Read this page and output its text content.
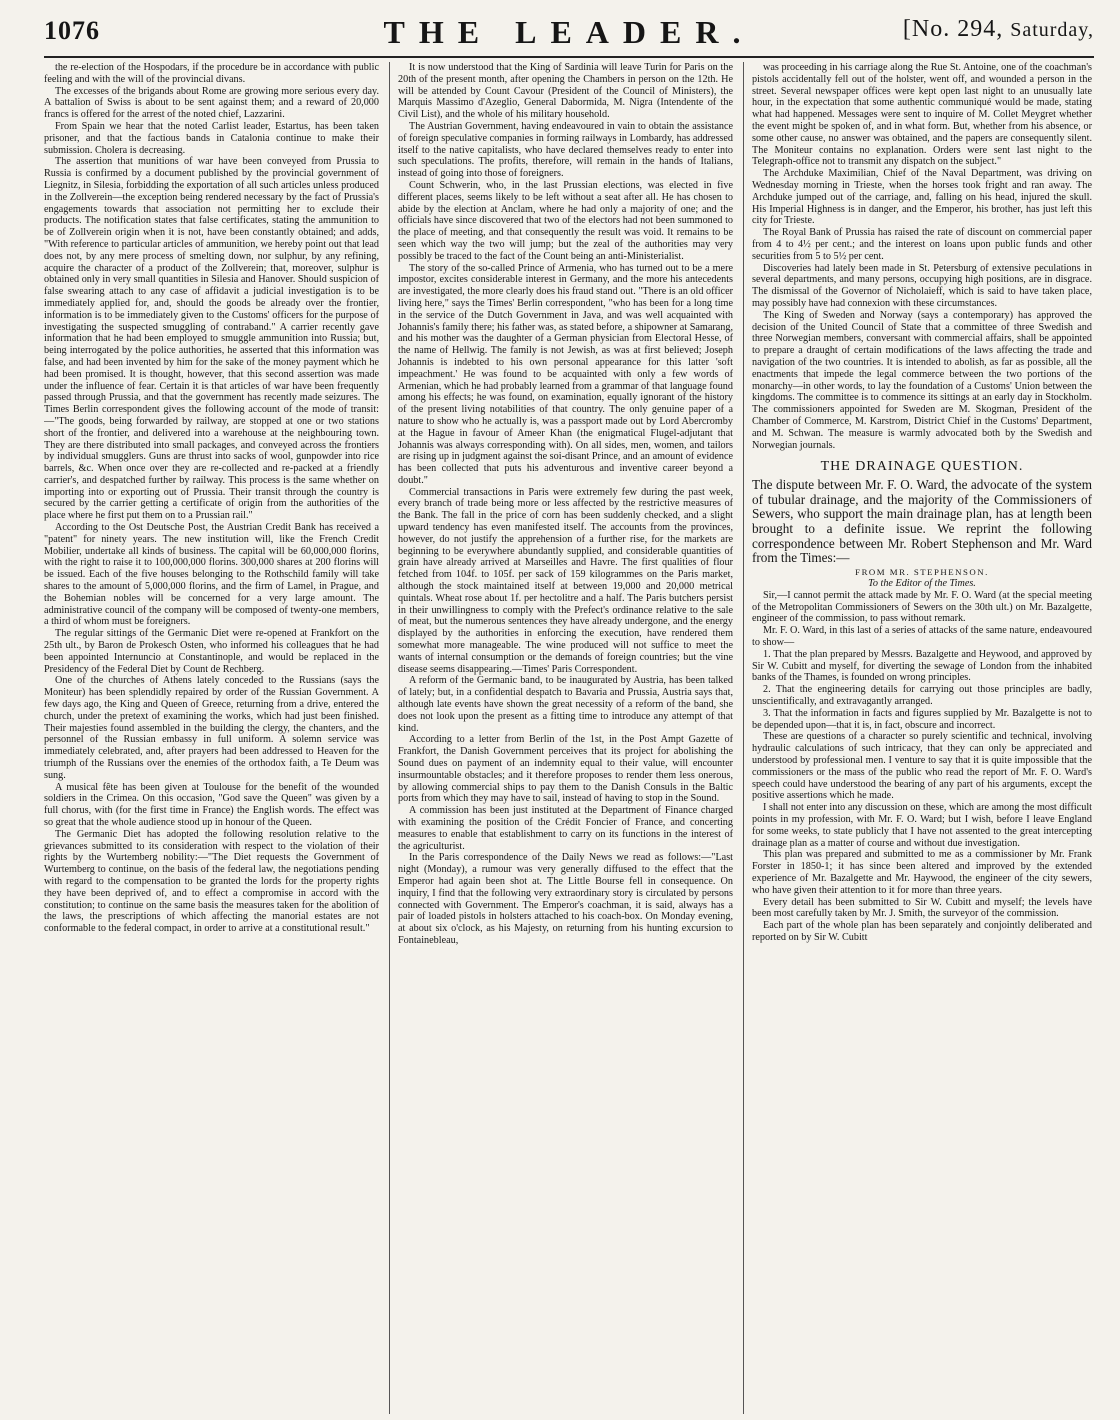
1076	THE LEADER.	[No. 294, Saturday,

the re-election of the Hospodars, if the procedure be in accordance with public feeling and with the will of the provincial divans.

The excesses of the brigands about Rome are growing more serious every day. A battalion of Swiss is about to be sent against them; and a reward of 20,000 francs is offered for the arrest of the noted chief, Lazzarini.

From Spain we hear that the noted Carlist leader, Estartus, has been taken prisoner, and that the factious bands in Catalonia continue to make their submission. Cholera is decreasing.

The assertion that munitions of war have been conveyed from Prussia to Russia is confirmed by a document published by the provincial government of Liegnitz, in Silesia, forbidding the exportation of all such articles unless produced in the Zollverein—the exception being rendered necessary by the fact of Prussia's engagements towards that association not permitting her to exclude their products. The notification states that false certificates, stating the ammunition to be of Zollverein origin when it is not, have been constantly obtained; and adds, "With reference to particular articles of ammunition, we hereby point out that lead does not, by any mere process of smelting down, nor sulphur, by any refining, acquire the character of a product of the Zollverein; that, moreover, sulphur is obtained only in very small quantities in Silesia and Hanover. Should suspicion of false swearing attach to any case of affidavit a judicial investigation is to be immediately applied for, and, should the goods be already over the frontier, information is to be immediately given to the Customs' officers for the purpose of investigating the suspected smuggling of contraband." A carrier recently gave information that he had been employed to smuggle ammunition into Russia; but, being interrogated by the police authorities, he asserted that this information was false, and had been invented by him for the sake of the money payment which he had been promised. It is thought, however, that this second assertion was made under the influence of fear. Certain it is that articles of war have been frequently passed through Prussia, and that the government has recently made seizures. The Times Berlin correspondent gives the following account of the mode of transit:—"The goods, being forwarded by railway, are stopped at one or two stations short of the frontier, and delivered into a warehouse at the neighbouring town. They are there distributed into small packages, and conveyed across the frontiers by individual smugglers. Guns are thrust into sacks of wool, gunpowder into rice barrels, &c. When once over they are re-collected and re-packed at a friendly carrier's, and despatched further by railway. This process is the same whether on importing into or exporting out of Prussia. Their transit through the country is secured by the carrier getting a certificate of origin from the authorities of the place where he first put them on to a Prussian rail."

According to the Ost Deutsche Post, the Austrian Credit Bank has received a "patent" for ninety years. The new institution will, like the French Credit Mobilier, undertake all kinds of business. The capital will be 60,000,000 florins, with the right to raise it to 100,000,000 florins. 300,000 shares at 200 florins will be issued. Each of the five houses belonging to the Rothschild family will take shares to the amount of 5,000,000 florins, and the firm of Lamel, in Prague, and the Bohemian nobles will be concerned for a very large amount. The administrative council of the company will be composed of twenty-one members, a third of whom must be foreigners.

The regular sittings of the Germanic Diet were re-opened at Frankfort on the 25th ult., by Baron de Prokesch Osten, who informed his colleagues that he had been appointed Internuncio at Constantinople, and would be replaced in the Presidency of the Federal Diet by Count de Rechberg.

One of the churches of Athens lately conceded to the Russians (says the Moniteur) has been splendidly repaired by order of the Russian Government. A few days ago, the King and Queen of Greece, returning from a drive, entered the church, under the pretext of examining the works, which had just been finished. Their majesties found assembled in the building the clergy, the chanters, and the personnel of the Russian embassy in full uniform. A solemn service was immediately celebrated, and, after prayers had been addressed to Heaven for the triumph of the Russians over the enemies of the orthodox faith, a Te Deum was sung.

A musical fête has been given at Toulouse for the benefit of the wounded soldiers in the Crimea. On this occasion, "God save the Queen" was given by a full chorus, with (for the first time in France) the English words. The effect was so great that the whole audience stood up in honour of the Queen.

The Germanic Diet has adopted the following resolution relative to the grievances submitted to its consideration with respect to the violation of their rights by the Wurtemberg nobility:—"The Diet requests the Government of Wurtemberg to continue, on the basis of the federal law, the negotiations pending with regard to the compensation to be granted the lords for the property rights they have been deprived of, and to effect a compromise in accord with the constitution; to continue on the same basis the measures taken for the abolition of the laws, the prescriptions of which affecting the manorial estates are not conformable to the federal compact, in order to arrive at a constitutional result."

It is now understood that the King of Sardinia will leave Turin for Paris on the 20th of the present month, after opening the Chambers in person on the 12th. He will be attended by Count Cavour (President of the Council of Ministers), the Marquis Massimo d'Azeglio, General Dabormida, M. Nigra (Intendente of the Civil List), and the whole of his military household.

The Austrian Government, having endeavoured in vain to obtain the assistance of foreign speculative companies in forming railways in Lombardy, has addressed itself to the native capitalists, who have declared themselves ready to enter into such speculations. The profits, therefore, will remain in the hands of Italians, instead of going into those of foreigners.

Count Schwerin, who, in the last Prussian elections, was elected in five different places, seems likely to be left without a seat after all. He has chosen to abide by the election at Anclam, where he had only a majority of one; and the officials have since discovered that two of the electors had not been summoned to the place of meeting, and that consequently the result was void. It remains to be seen which way the two will jump; but the zeal of the authorities may very possibly be traced to the fact of the Count being an anti-Ministerialist.

The story of the so-called Prince of Armenia, who has turned out to be a mere impostor, excites considerable interest in Germany, and the more his antecedents are investigated, the more clearly does his fraud stand out. "There is an old officer living here," says the Times' Berlin correspondent, "who has been for a long time in the service of the Dutch Government in Java, and was well acquainted with Johannis's family there; his father was, as stated before, a shipowner at Samarang, and his mother was the daughter of a German physician from Electoral Hesse, of the name of Hellwig. The family is not Jewish, as was at first believed; Joseph Johannis is indebted to his own personal appearance for this latter 'soft impeachment.' He was found to be acquainted with only a few words of Armenian, which he had probably learned from a grammar of that language found among his effects; he was found, on examination, equally ignorant of the history of the present living notabilities of that country. The only genuine paper of a nature to show who he actually is, was a passport made out by Lord Abercromby at the Hague in favour of Ameer Khan (the enigmatical Flugel-adjutant that Johannis was always corresponding with). On all sides, men, women, and tailors are rising up in judgment against the soi-disant Prince, and an amount of evidence has been collected that puts his adventurous and inventive career beyond a doubt."

Commercial transactions in Paris were extremely few during the past week, every branch of trade being more or less affected by the restrictive measures of the Bank. The fall in the price of corn has been suddenly checked, and a slight upward tendency has even manifested itself. The accounts from the provinces, however, do not justify the apprehension of a further rise, for the markets are beginning to be everywhere abundantly supplied, and considerable quantities of grain have already arrived at Marseilles and Havre. The first qualities of flour fetched from 104f. to 105f. per sack of 159 kilogrammes on the Paris market, although the stock maintained itself at between 19,000 and 20,000 metrical quintals. Wheat rose about 1f. per hectolitre and a half. The Paris butchers persist in their unwillingness to comply with the Prefect's ordinance relative to the sale of meat, but the numerous sentences they have already undergone, and the energy displayed by the authorities in enforcing the execution, have rendered them somewhat more manageable. The wine produced will not suffice to meet the wants of internal consumption or the demands of foreign countries; but the vine disease seems disappearing.—Times' Paris Correspondent.

A reform of the Germanic band, to be inaugurated by Austria, has been talked of lately; but, in a confidential despatch to Bavaria and Prussia, Austria says that, although late events have shown the great necessity of a reform of the band, she does not look upon the present as a fitting time to introduce any attempt of that kind.

According to a letter from Berlin of the 1st, in the Post Ampt Gazette of Frankfort, the Danish Government perceives that its project for abolishing the Sound dues on payment of an indemnity equal to their value, will encounter insurmountable obstacles; and it therefore proposes to render them less onerous, by allowing commercial ships to pay them to the Danish Consuls in the Baltic ports from which they may have to sail, instead of having to stop in the Sound.

A commission has been just instituted at the Department of Finance charged with examining the position of the Crédit Foncier of France, and concerting measures to enable that establishment to carry on its functions in the interest of the agriculturist.

In the Paris correspondence of the Daily News we read as follows:—"Last night (Monday), a rumour was very generally diffused to the effect that the Emperor had again been shot at. The Little Bourse fell in consequence. On inquiry, I find that the following very extraordinary story is circulated by persons connected with Government. The Emperor's coachman, it is said, always has a pair of loaded pistols in holsters attached to his coach-box. On Monday evening, at about six o'clock, as his Majesty, on returning from his hunting excursion to Fontainebleau,

was proceeding in his carriage along the Rue St. Antoine, one of the coachman's pistols accidentally fell out of the holster, went off, and wounded a person in the street. Several newspaper offices were kept open last night to an unusually late hour, in the expectation that some authentic communiqué would be made, stating what had happened. Messages were sent to inquire of M. Collet Meygret whether the event might be spoken of, and in what form. But, whether from his absence, or some other cause, no answer was obtained, and the papers are consequently silent. The Moniteur contains no explanation. Orders were sent last night to the Telegraph-office not to transmit any dispatch on the subject."

The Archduke Maximilian, Chief of the Naval Department, was driving on Wednesday morning in Trieste, when the horses took fright and ran away. The Archduke jumped out of the carriage, and, falling on his head, injured the skull. His Imperial Highness is in danger, and the Emperor, his brother, has just left this city for Trieste.

The Royal Bank of Prussia has raised the rate of discount on commercial paper from 4 to 4½ per cent.; and the interest on loans upon public funds and other securities from 5 to 5½ per cent.

Discoveries had lately been made in St. Petersburg of extensive peculations in several departments, and many persons, occupying high positions, are in disgrace. The dismissal of the Governor of Nicholaieff, which is said to have taken place, may possibly have had connexion with these circumstances.

The King of Sweden and Norway (says a contemporary) has approved the decision of the United Council of State that a committee of three Swedish and three Norwegian members, conversant with commercial affairs, shall be appointed to prepare a draught of certain modifications of the laws affecting the trade and navigation of the two countries. It is intended to abolish, as far as possible, all the enactments that impede the legal commerce between the two portions of the monarchy—in other words, to lay the foundation of a Customs' Union between the kingdoms. The committee is to commence its sittings at an early day in Stockholm. The commissioners appointed for Sweden are M. Skogman, President of the Chamber of Commerce, M. Karstrom, District Chief in the Customs' Department, and M. Schwan. The measure is warmly advocated both by the Swedish and Norwegian journals.

THE DRAINAGE QUESTION.

The dispute between Mr. F. O. Ward, the advocate of the system of tubular drainage, and the majority of the Commissioners of Sewers, who support the main drainage plan, has at length been brought to a definite issue. We reprint the following correspondence between Mr. Robert Stephenson and Mr. Ward from the Times:—

FROM MR. STEPHENSON.
To the Editor of the Times.

Sir,—I cannot permit the attack made by Mr. F. O. Ward (at the special meeting of the Metropolitan Commissioners of Sewers on the 30th ult.) on Mr. Bazalgette, engineer of the commission, to pass without remark.

Mr. F. O. Ward, in this last of a series of attacks of the same nature, endeavoured to show—

1. That the plan prepared by Messrs. Bazalgette and Heywood, and approved by Sir W. Cubitt and myself, for diverting the sewage of London from the inhabited banks of the Thames, is founded on wrong principles.

2. That the engineering details for carrying out those principles are badly, unscientifically, and extravagantly arranged.

3. That the information in facts and figures supplied by Mr. Bazalgette is not to be depended upon—that it is, in fact, obscure and incorrect.

These are questions of a character so purely scientific and technical, involving hydraulic calculations of such intricacy, that they can only be appreciated and understood by professional men. I venture to say that it is quite impossible that the commissioners or the mass of the public who read the report of Mr. F. O. Ward's speech could have understood the bearing of any part of his arguments, except the positive assertions which he made.

I shall not enter into any discussion on these, which are among the most difficult points in my profession, with Mr. F. O. Ward; but I wish, before I leave England for some weeks, to state publicly that I have not assented to the great intercepting drainage plan as a matter of course and without due investigation.

This plan was prepared and submitted to me as a commissioner by Mr. Frank Forster in 1850-1; it has since been altered and improved by the extended experience of Mr. Bazalgette and Mr. Haywood, the engineer of the city sewers, who have given their attention to it for more than three years.

Every detail has been submitted to Sir W. Cubitt and myself; the levels have been most carefully taken by Mr. J. Smith, the surveyor of the commission.

Each part of the whole plan has been separately and conjointly deliberated and reported on by Sir W. Cubitt
